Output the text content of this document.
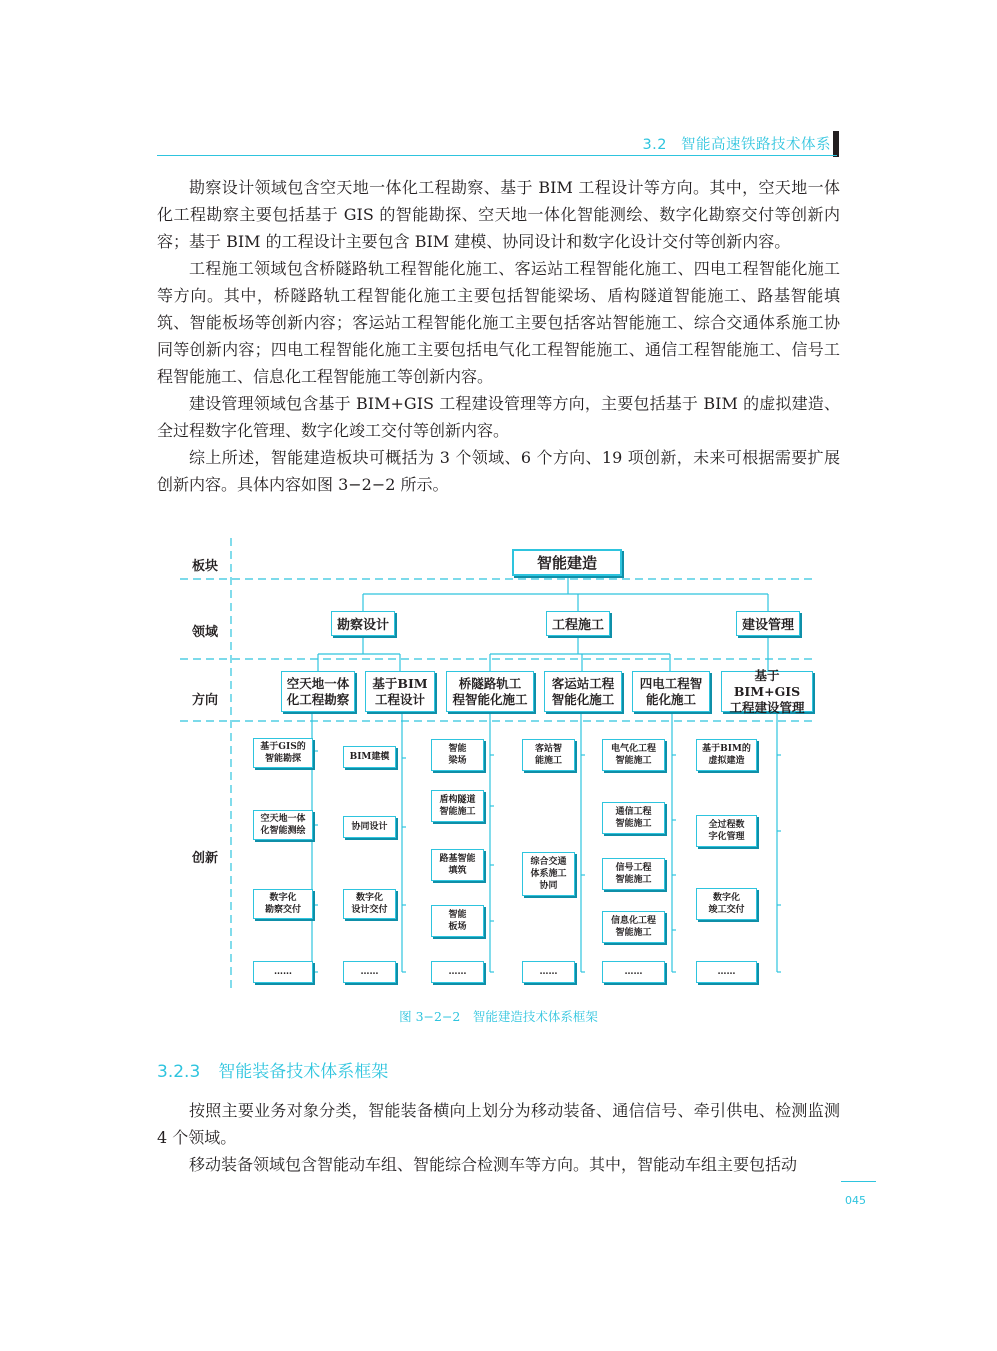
3.2 智能高速铁路技术体系

勘察设计领域包含空天地一体化工程勘察、基于 BIM 工程设计等方向。其中，空天地一体化工程勘察主要包括基于 GIS 的智能勘探、空天地一体化智能测绘、数字化勘察交付等创新内容；基于 BIM 的工程设计主要包含 BIM 建模、协同设计和数字化设计交付等创新内容。

工程施工领域包含桥隧路轨工程智能化施工、客运站工程智能化施工、四电工程智能化施工等方向。其中，桥隧路轨工程智能化施工主要包括智能梁场、盾构隧道智能施工、路基智能填筑、智能板场等创新内容；客运站工程智能化施工主要包括客站智能施工、综合交通体系施工协同等创新内容；四电工程智能化施工主要包括电气化工程智能施工、通信工程智能施工、信号工程智能施工、信息化工程智能施工等创新内容。

建设管理领域包含基于 BIM+GIS 工程建设管理等方向，主要包括基于 BIM 的虚拟建造、全过程数字化管理、数字化竣工交付等创新内容。

综上所述，智能建造板块可概括为 3 个领域、6 个方向、19 项创新，未来可根据需要扩展创新内容。具体内容如图 3−2−2 所示。

板块
领域
方向
创新
智能建造
勘察设计	工程施工	建设管理
空天地一体
化工程勘察
基于BIM
工程设计
桥隧路轨工
程智能化施工
客运站工程
智能化施工
四电工程智
能化施工
基于BIM+GIS
工程建设管理
基于GIS的
智能勘探
空天地一体
化智能测绘
数字化
勘察交付
……
BIM建模
协同设计
数字化
设计交付
……
智能
梁场
盾构隧道
智能施工
路基智能
填筑
智能
板场
……
客站智
能施工
综合交通
体系施工
协同
……
电气化工程
智能施工
通信工程
智能施工
信号工程
智能施工
信息化工程
智能施工
……
基于BIM的
虚拟建造
全过程数
字化管理
数字化
竣工交付
……
图 3−2−2　智能建造技术体系框架
3.2.3 智能装备技术体系框架

按照主要业务对象分类，智能装备横向上划分为移动装备、通信信号、牵引供电、检测监测 4 个领域。

移动装备领域包含智能动车组、智能综合检测车等方向。其中，智能动车组主要包括动

045
